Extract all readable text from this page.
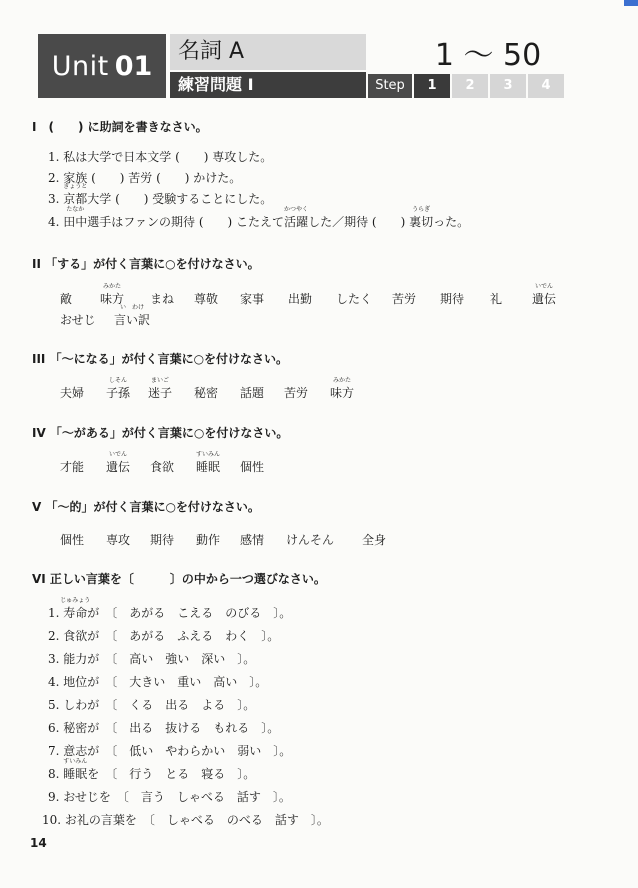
Unit 01	名詞 A
練習問題 I
1 〜 50
Step	1	2	3	4
I　(　　) に助詞を書きなさい。
1. 私は大学で日本文学 (　　) 専攻した。
2. 家族 (　　) 苦労 (　　) かけた。
3. 京都
きょうと
大学 (　　) 受験することにした。
4. 田中
たなか
選手はファンの期待 (　　) こたえて活躍
かつやく
した／期待 (　　) 裏切
うらぎ
った。
II 「する」が付く言葉に○を付けなさい。
敵 味方
みかた
まね 尊敬 家事 出勤 したく 苦労 期待 礼 遺伝
いでん
おせじ 言い訳
い　わけ
III 「〜になる」が付く言葉に○を付けなさい。
夫婦 子孫
しそん
迷子
まいご
秘密 話題 苦労 味方
みかた
IV 「〜がある」が付く言葉に○を付けなさい。
才能 遺伝
いでん
食欲 睡眠
すいみん
個性
V 「〜的」が付く言葉に○を付けなさい。
個性 専攻 期待 動作 感情 けんそん 全身
VI 正しい言葉を〔　　　〕の中から一つ選びなさい。
1. 寿命
じゅみょう
が　〔　あがる　こえる　のびる　〕。
2. 食欲が　〔　あがる　ふえる　わく　〕。
3. 能力が　〔　高い　強い　深い　〕。
4. 地位が　〔　大きい　重い　高い　〕。
5. しわが　〔　くる　出る　よる　〕。
6. 秘密が　〔　出る　抜ける　もれる　〕。
7. 意志が　〔　低い　やわらかい　弱い　〕。
8. 睡眠
すいみん
を　〔　行う　とる　寝る　〕。
9. おせじを　〔　言う　しゃべる　話す　〕。
10. お礼の言葉を　〔　しゃべる　のべる　話す　〕。
14
